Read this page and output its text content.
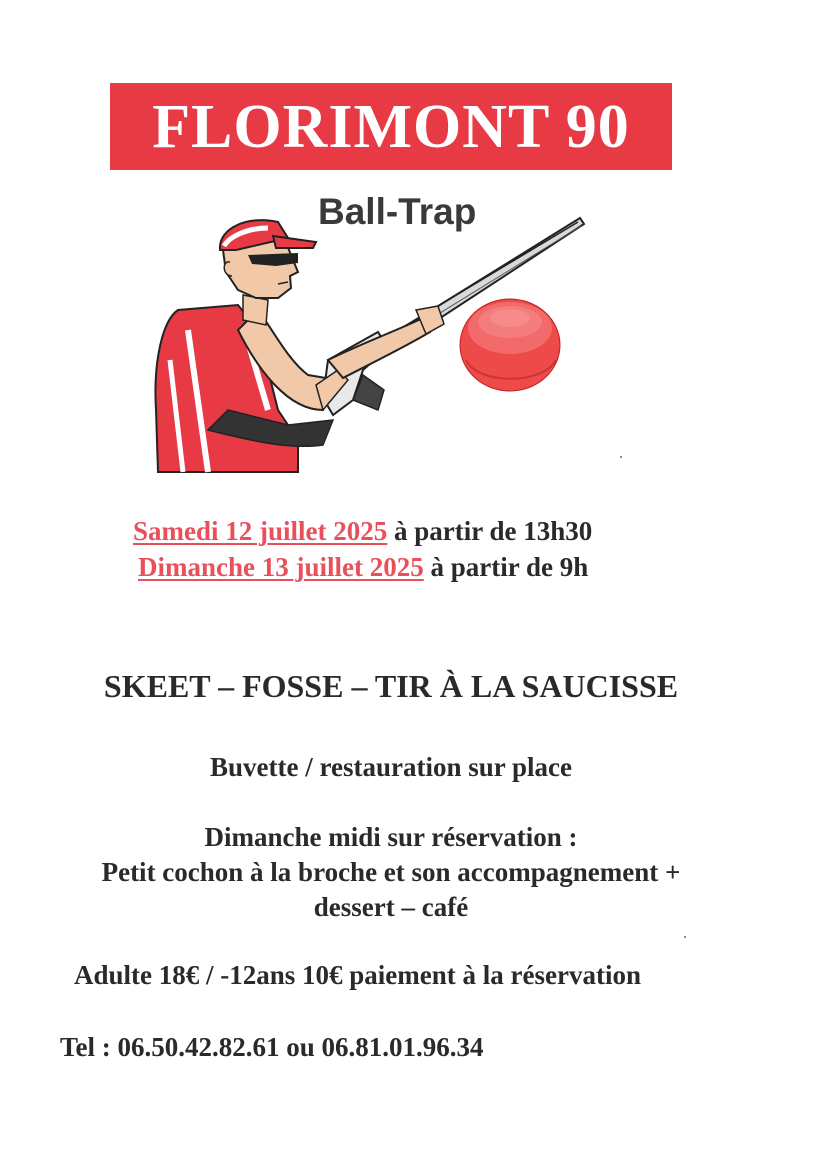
FLORIMONT 90
Ball-Trap
Samedi 12 juillet 2025 à partir de 13h30
Dimanche 13 juillet 2025 à partir de 9h
SKEET – FOSSE – TIR À LA SAUCISSE
Buvette / restauration sur place
Dimanche midi sur réservation :
Petit cochon à la broche et son accompagnement +
dessert – café
Adulte 18€ / -12ans 10€ paiement à la réservation
Tel : 06.50.42.82.61 ou 06.81.01.96.34
